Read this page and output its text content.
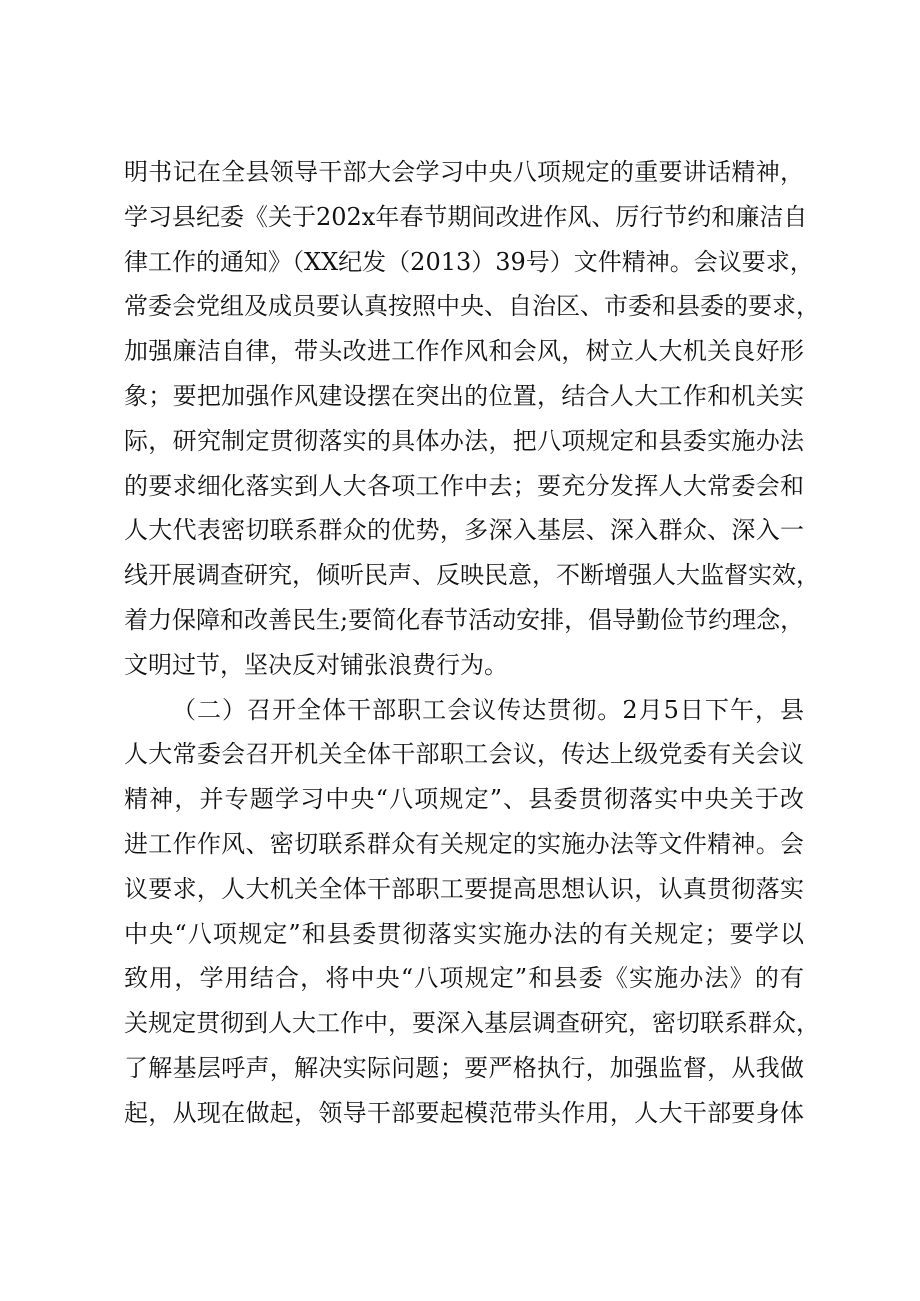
明书记在全县领导干部大会学习中央八项规定的重要讲话精神，
学习县纪委《关于202x年春节期间改进作风、厉行节约和廉洁自
律工作的通知》（XX纪发（2013）39号）文件精神。会议要求，
常委会党组及成员要认真按照中央、自治区、市委和县委的要求，
加强廉洁自律，带头改进工作作风和会风，树立人大机关良好形
象；要把加强作风建设摆在突出的位置，结合人大工作和机关实
际，研究制定贯彻落实的具体办法，把八项规定和县委实施办法
的要求细化落实到人大各项工作中去；要充分发挥人大常委会和
人大代表密切联系群众的优势，多深入基层、深入群众、深入一
线开展调查研究，倾听民声、反映民意，不断增强人大监督实效，
着力保障和改善民生;要简化春节活动安排，倡导勤俭节约理念，
文明过节，坚决反对铺张浪费行为。
（二）召开全体干部职工会议传达贯彻。2月5日下午，县
人大常委会召开机关全体干部职工会议，传达上级党委有关会议
精神，并专题学习中央“八项规定”、县委贯彻落实中央关于改
进工作作风、密切联系群众有关规定的实施办法等文件精神。会
议要求，人大机关全体干部职工要提高思想认识，认真贯彻落实
中央“八项规定”和县委贯彻落实实施办法的有关规定；要学以
致用，学用结合，将中央“八项规定”和县委《实施办法》的有
关规定贯彻到人大工作中，要深入基层调查研究，密切联系群众，
了解基层呼声，解决实际问题；要严格执行，加强监督，从我做
起，从现在做起，领导干部要起模范带头作用，人大干部要身体
